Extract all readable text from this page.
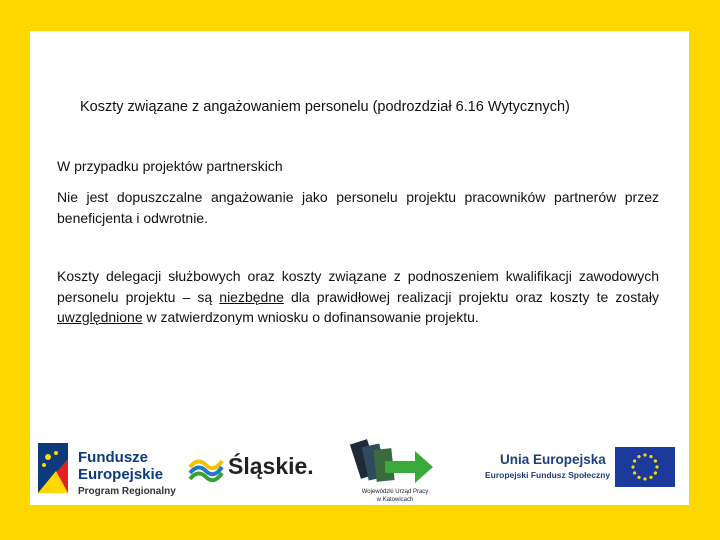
Koszty związane z angażowaniem personelu (podrozdział 6.16 Wytycznych)
W przypadku projektów partnerskich
Nie jest dopuszczalne angażowanie jako personelu projektu pracowników partnerów przez beneficjenta i odwrotnie.
Koszty delegacji służbowych oraz koszty związane z podnoszeniem kwalifikacji zawodowych personelu projektu – są niezbędne dla prawidłowej realizacji projektu oraz koszty te zostały uwzględnione w zatwierdzonym wniosku o dofinansowanie projektu.
Fundusze
Europejskie
Program Regionalny
Śląskie.
Wojewódzki Urząd Pracy
w Katowicach
Unia Europejska
Europejski Fundusz Społeczny
